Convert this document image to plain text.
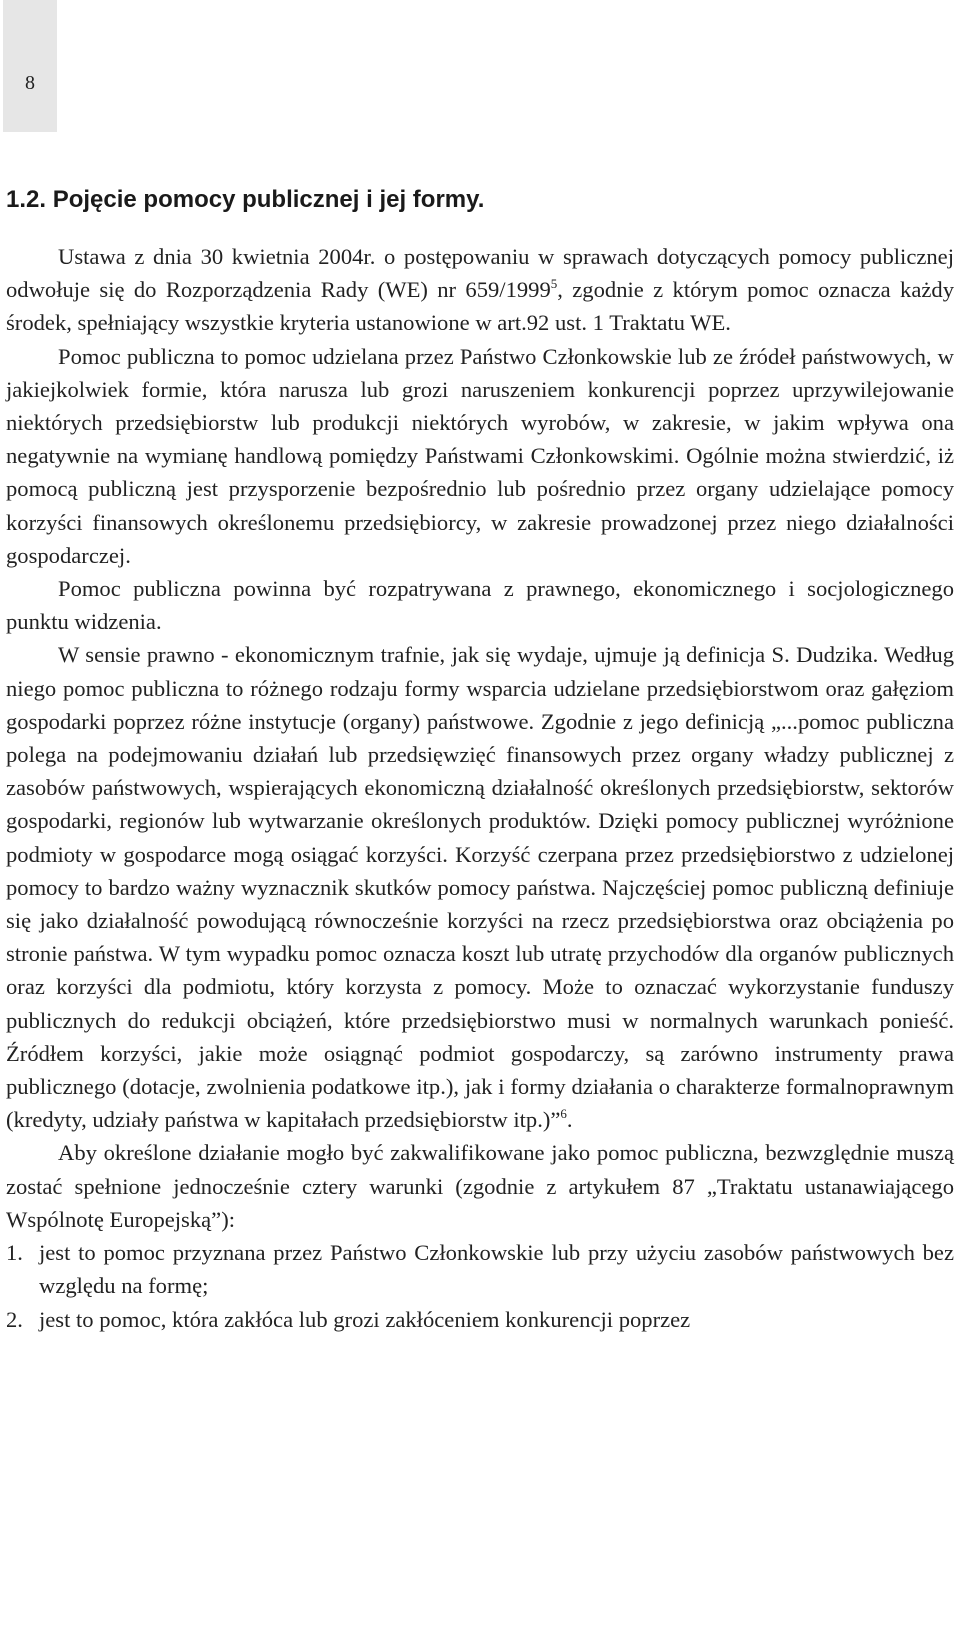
8
1.2. Pojęcie pomocy publicznej i jej formy.

Ustawa z dnia 30 kwietnia 2004r. o postępowaniu w sprawach dotyczących pomocy publicznej odwołuje się do Rozporządzenia Rady (WE) nr 659/1999$^5$, zgodnie z którym pomoc oznacza każdy środek, spełniający wszystkie kryteria ustanowione w art.92 ust. 1 Traktatu WE.

Pomoc publiczna to pomoc udzielana przez Państwo Członkowskie lub ze źródeł państwowych, w jakiejkolwiek formie, która narusza lub grozi naruszeniem konkurencji poprzez uprzywilejowanie niektórych przedsiębiorstw lub produkcji niektórych wyrobów, w zakresie, w jakim wpływa ona negatywnie na wymianę handlową pomiędzy Państwami Członkowskimi. Ogólnie można stwierdzić, iż pomocą publiczną jest przysporzenie bezpośrednio lub pośrednio przez organy udzielające pomocy korzyści finansowych określonemu przedsiębiorcy, w zakresie prowadzonej przez niego działalności gospodarczej.

Pomoc publiczna powinna być rozpatrywana z prawnego, ekonomicznego i socjologicznego punktu widzenia.

W sensie prawno - ekonomicznym trafnie, jak się wydaje, ujmuje ją definicja S. Dudzika. Według niego pomoc publiczna to różnego rodzaju formy wsparcia udzielane przedsiębiorstwom oraz gałęziom gospodarki poprzez różne instytucje (organy) państwowe. Zgodnie z jego definicją „...pomoc publiczna polega na podejmowaniu działań lub przedsięwzięć finansowych przez organy władzy publicznej z zasobów państwowych, wspierających ekonomiczną działalność określonych przedsiębiorstw, sektorów gospodarki, regionów lub wytwarzanie określonych produktów. Dzięki pomocy publicznej wyróżnione podmioty w gospodarce mogą osiągać korzyści. Korzyść czerpana przez przedsiębiorstwo z udzielonej pomocy to bardzo ważny wyznacznik skutków pomocy państwa. Najczęściej pomoc publiczną definiuje się jako działalność powodującą równocześnie korzyści na rzecz przedsiębiorstwa oraz obciążenia po stronie państwa. W tym wypadku pomoc oznacza koszt lub utratę przychodów dla organów publicznych oraz korzyści dla podmiotu, który korzysta z pomocy. Może to oznaczać wykorzystanie funduszy publicznych do redukcji obciążeń, które przedsiębiorstwo musi w normalnych warunkach ponieść. Źródłem korzyści, jakie może osiągnąć podmiot gospodarczy, są zarówno instrumenty prawa publicznego (dotacje, zwolnienia podatkowe itp.), jak i formy działania o charakterze formalnoprawnym (kredyty, udziały państwa w kapitałach przedsiębiorstw itp.)”$^6$.

Aby określone działanie mogło być zakwalifikowane jako pomoc publiczna, bezwzględnie muszą zostać spełnione jednocześnie cztery warunki (zgodnie z artykułem 87 „Traktatu ustanawiającego Wspólnotę Europejską”):

1. jest to pomoc przyznana przez Państwo Członkowskie lub przy użyciu zasobów państwowych bez względu na formę;
2. jest to pomoc, która zakłóca lub grozi zakłóceniem konkurencji poprzez
